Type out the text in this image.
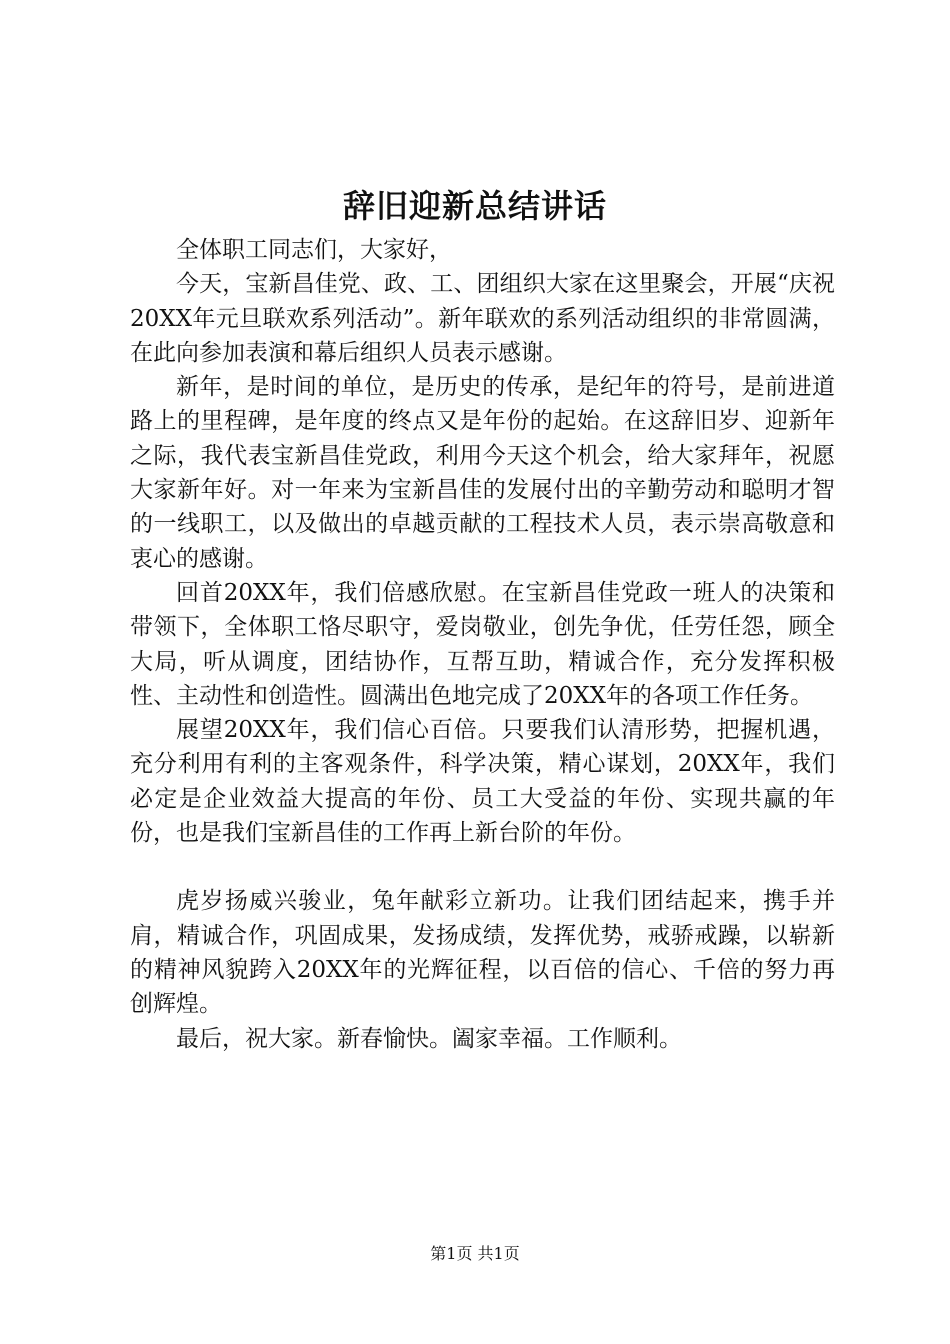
辞旧迎新总结讲话

全体职工同志们，大家好，

今天，宝新昌佳党、政、工、团组织大家在这里聚会，开展“庆祝20XX年元旦联欢系列活动”。新年联欢的系列活动组织的非常圆满，在此向参加表演和幕后组织人员表示感谢。

新年，是时间的单位，是历史的传承，是纪年的符号，是前进道路上的里程碑，是年度的终点又是年份的起始。在这辞旧岁、迎新年之际，我代表宝新昌佳党政，利用今天这个机会，给大家拜年，祝愿大家新年好。对一年来为宝新昌佳的发展付出的辛勤劳动和聪明才智的一线职工，以及做出的卓越贡献的工程技术人员，表示崇高敬意和衷心的感谢。

回首20XX年，我们倍感欣慰。在宝新昌佳党政一班人的决策和带领下，全体职工恪尽职守，爱岗敬业，创先争优，任劳任怨，顾全大局，听从调度，团结协作，互帮互助，精诚合作，充分发挥积极性、主动性和创造性。圆满出色地完成了20XX年的各项工作任务。

展望20XX年，我们信心百倍。只要我们认清形势，把握机遇，充分利用有利的主客观条件，科学决策，精心谋划，20XX年，我们必定是企业效益大提高的年份、员工大受益的年份、实现共赢的年份，也是我们宝新昌佳的工作再上新台阶的年份。

虎岁扬威兴骏业，兔年献彩立新功。让我们团结起来，携手并肩，精诚合作，巩固成果，发扬成绩，发挥优势，戒骄戒躁，以崭新的精神风貌跨入20XX年的光辉征程，以百倍的信心、千倍的努力再创辉煌。

最后，祝大家。新春愉快。阖家幸福。工作顺利。

第1页 共1页
